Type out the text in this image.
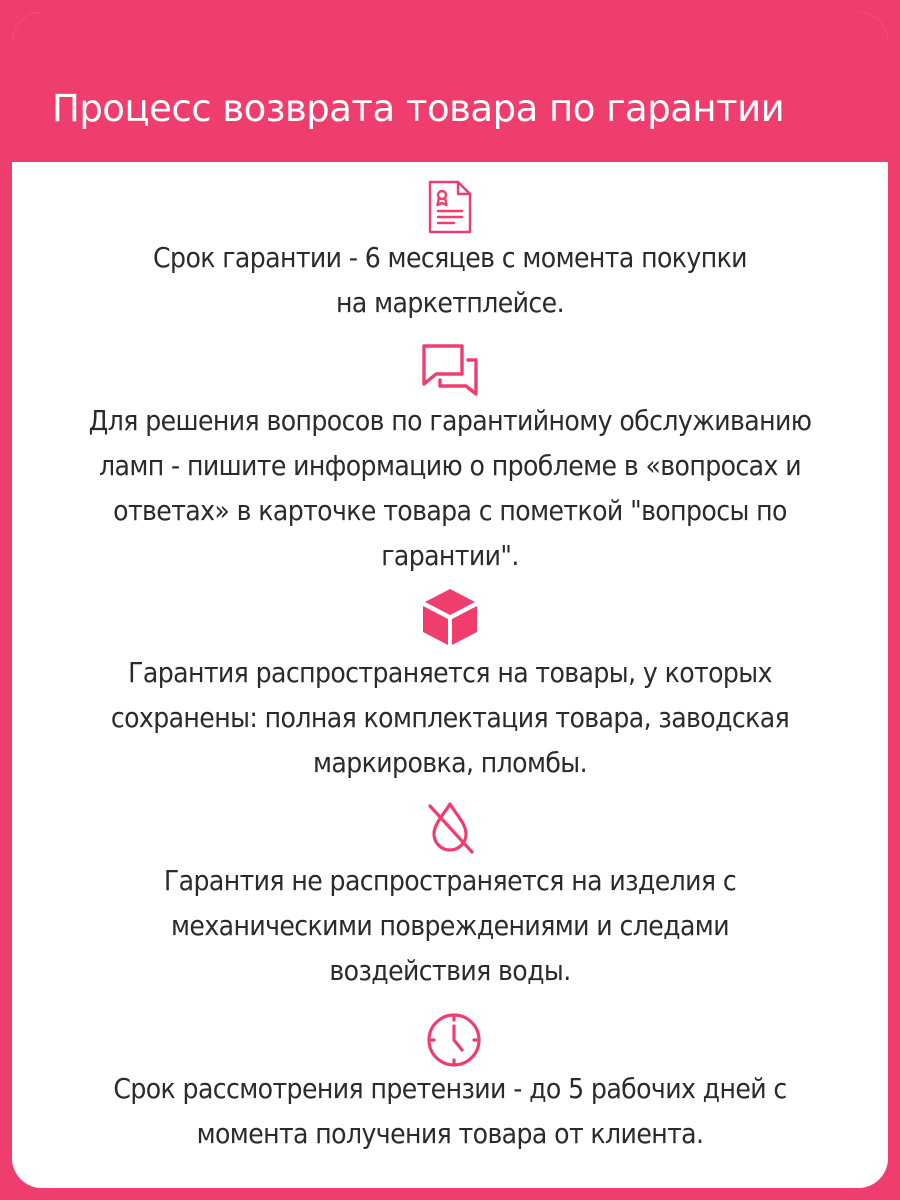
Процесс возврата товара по гарантии

Срок гарантии - 6 месяцев с момента покупки
на маркетплейсе.

Для решения вопросов по гарантийному обслуживанию
ламп - пишите информацию о проблеме в «вопросах и
ответах» в карточке товара с пометкой "вопросы по
гарантии".

Гарантия распространяется на товары, у которых
сохранены: полная комплектация товара, заводская
маркировка, пломбы.

Гарантия не распространяется на изделия с
механическими повреждениями и следами
воздействия воды.

Срок рассмотрения претензии - до 5 рабочих дней с
момента получения товара от клиента.
